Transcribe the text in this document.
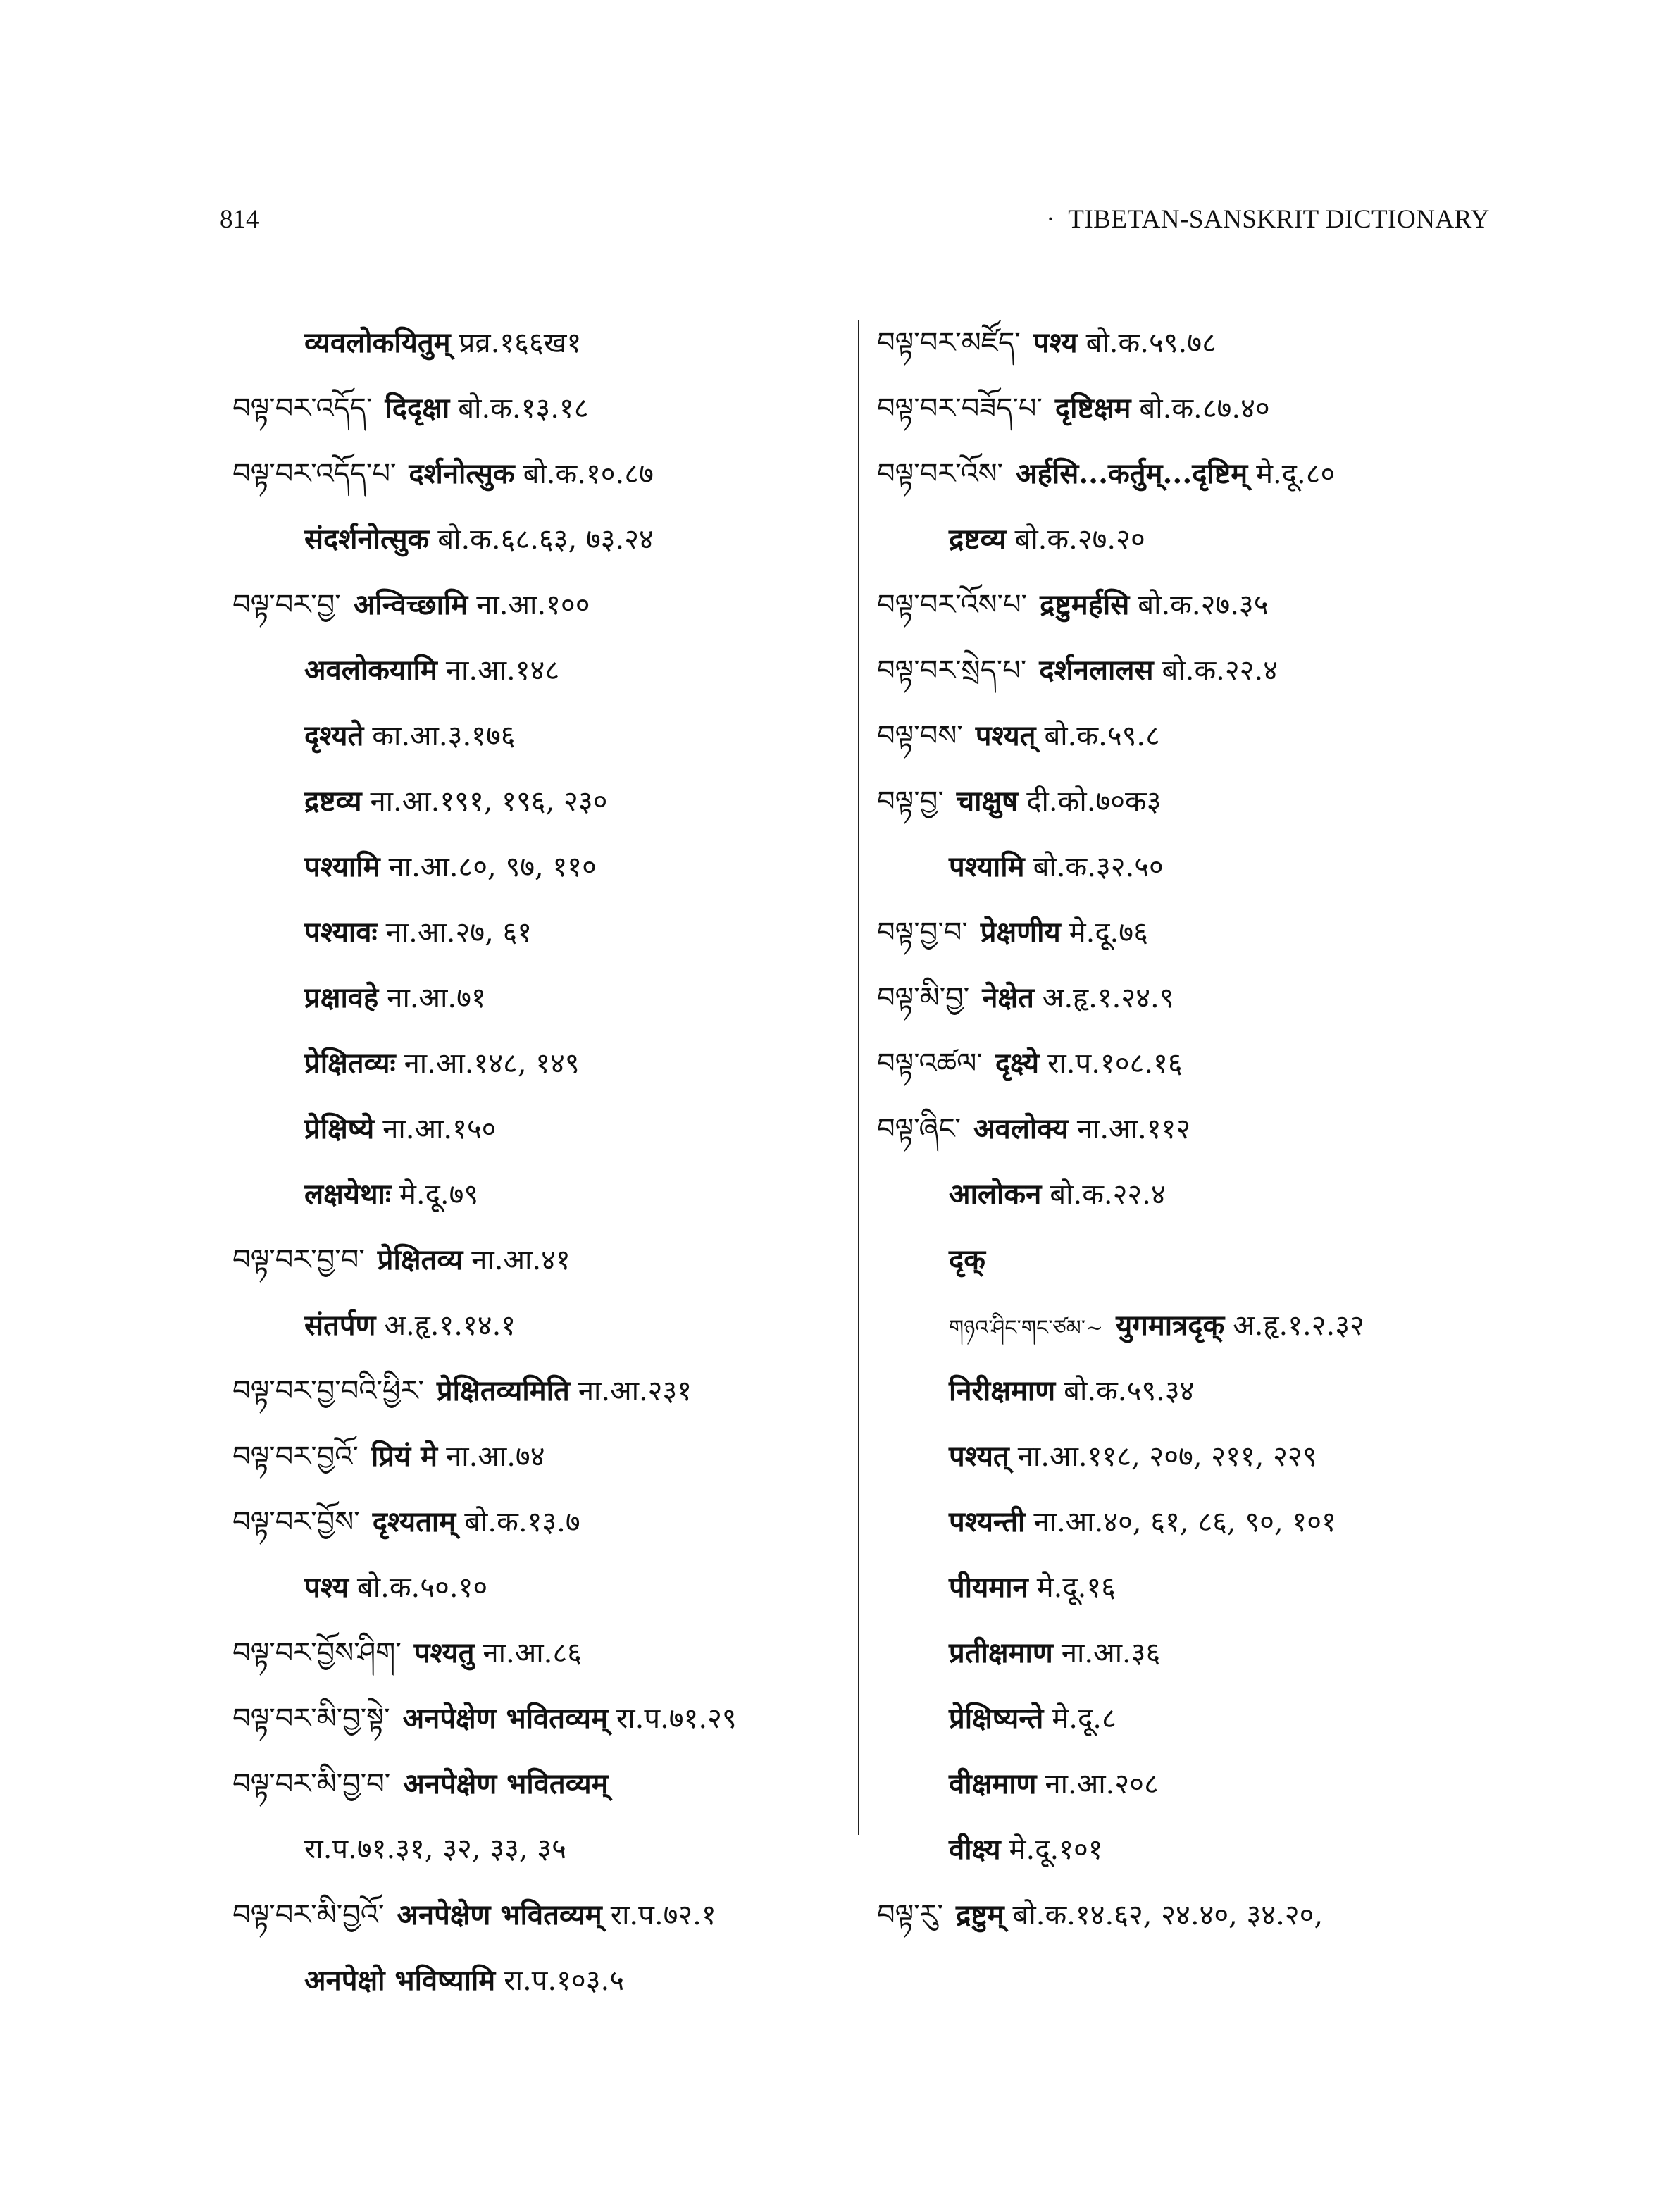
814
·	TIBETAN-SANSKRIT DICTIONARY
व्यवलोकयितुम् प्रव्र.१६६ख१
བལྟ་བར་འདོད་ दिदृक्षा बो.क.१३.१८
བལྟ་བར་འདོད་པ་ दर्शनोत्सुक बो.क.१०.८७
संदर्शनोत्सुक बो.क.६८.६३, ७३.२४
བལྟ་བར་བྱ་ अन्विच्छामि ना.आ.१००
अवलोकयामि ना.आ.१४८
दृश्यते का.आ.३.१७६
द्रष्टव्य ना.आ.१९१, १९६, २३०
पश्यामि ना.आ.८०, ९७, ११०
पश्यावः ना.आ.२७, ६१
प्रक्षावहे ना.आ.७१
प्रेक्षितव्यः ना.आ.१४८, १४९
प्रेक्षिष्ये ना.आ.१५०
लक्षयेथाः मे.दू.७९
བལྟ་བར་བྱ་བ་ प्रेक्षितव्य ना.आ.४१
संतर्पण अ.हृ.१.१४.१
བལྟ་བར་བྱ་བའི་ཕྱིར་ प्रेक्षितव्यमिति ना.आ.२३१
བལྟ་བར་བྱའོ་ प्रियं मे ना.आ.७४
བལྟ་བར་བྱོས་ दृश्यताम् बो.क.१३.७
पश्य बो.क.५०.१०
བལྟ་བར་བྱོས་ཤིག་ पश्यतु ना.आ.८६
བལྟ་བར་མི་བྱ་སྟེ་ अनपेक्षेण भवितव्यम् रा.प.७१.२९
བལྟ་བར་མི་བྱ་བ་ अनपेक्षेण भवितव्यम्
रा.प.७१.३१, ३२, ३३, ३५
བལྟ་བར་མི་བྱའོ་ अनपेक्षेण भवितव्यम् रा.प.७२.१
अनपेक्षो भविष्यामि रा.प.१०३.५
བལྟ་བར་མཛོད་ पश्य बो.क.५९.७८
བལྟ་བར་བཟོད་པ་ दृष्टिक्षम बो.क.८७.४०
བལྟ་བར་འོས་ अर्हसि...कर्तुम्...दृष्टिम् मे.दू.८०
द्रष्टव्य बो.क.२७.२०
བལྟ་བར་འོས་པ་ द्रष्टुमर्हसि बो.क.२७.३५
བལྟ་བར་སྲེད་པ་ दर्शनलालस बो.क.२२.४
བལྟ་བས་ पश्यत् बो.क.५९.८
བལྟ་བྱ་ चाक्षुष दी.को.७०क३
पश्यामि बो.क.३२.५०
བལྟ་བྱ་བ་ प्रेक्षणीय मे.दू.७६
བལྟ་མི་བྱ་ नेक्षेत अ.हृ.१.२४.९
བལྟ་འཚལ་ दृक्ष्ये रा.प.१०८.१६
བལྟ་ཞིང་ अवलोक्य ना.आ.११२
आलोकन बो.क.२२.४
दृक्
གཉའ་ཤིང་གང་ཙམ་~ युगमात्रदृक् अ.हृ.१.२.३२
निरीक्षमाण बो.क.५९.३४
पश्यत् ना.आ.११८, २०७, २११, २२९
पश्यन्ती ना.आ.४०, ६१, ८६, ९०, १०१
पीयमान मे.दू.१६
प्रतीक्षमाण ना.आ.३६
प्रेक्षिष्यन्ते मे.दू.८
वीक्षमाण ना.आ.२०८
वीक्ष्य मे.दू.१०१
བལྟ་རུ་ द्रष्टुम् बो.क.१४.६२, २४.४०, ३४.२०,
